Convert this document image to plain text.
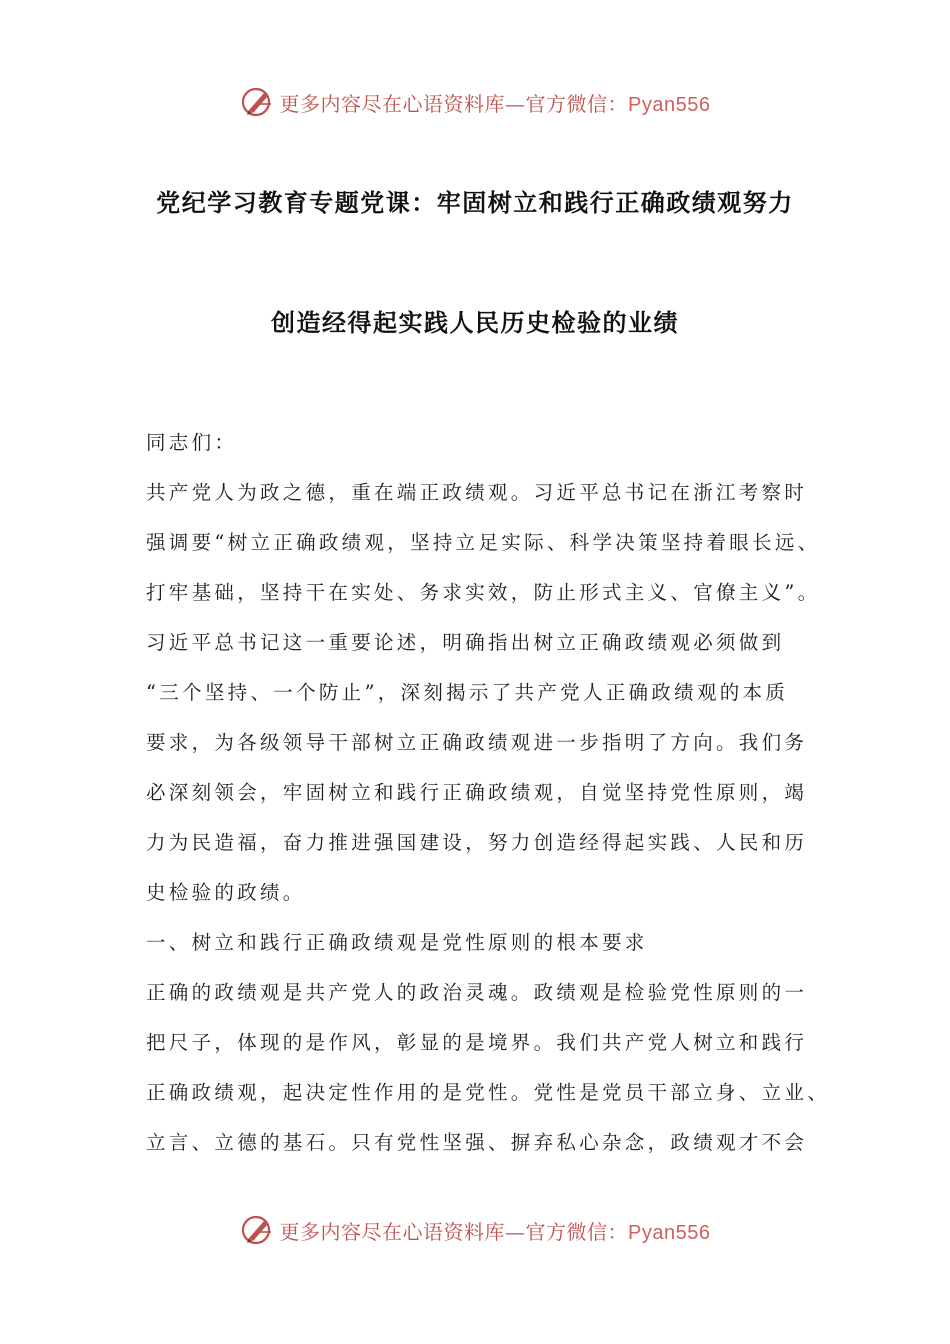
更多内容尽在心语资料库—官方微信：Pyan556
党纪学习教育专题党课：牢固树立和践行正确政绩观努力
创造经得起实践人民历史检验的业绩
同志们：
共产党人为政之德，重在端正政绩观。习近平总书记在浙江考察时
强调要“树立正确政绩观，坚持立足实际、科学决策坚持着眼长远、
打牢基础，坚持干在实处、务求实效，防止形式主义、官僚主义”。
习近平总书记这一重要论述，明确指出树立正确政绩观必须做到
“三个坚持、一个防止”，深刻揭示了共产党人正确政绩观的本质
要求，为各级领导干部树立正确政绩观进一步指明了方向。我们务
必深刻领会，牢固树立和践行正确政绩观，自觉坚持党性原则，竭
力为民造福，奋力推进强国建设，努力创造经得起实践、人民和历
史检验的政绩。
一、树立和践行正确政绩观是党性原则的根本要求
正确的政绩观是共产党人的政治灵魂。政绩观是检验党性原则的一
把尺子，体现的是作风，彰显的是境界。我们共产党人树立和践行
正确政绩观，起决定性作用的是党性。党性是党员干部立身、立业、
立言、立德的基石。只有党性坚强、摒弃私心杂念，政绩观才不会
更多内容尽在心语资料库—官方微信：Pyan556
